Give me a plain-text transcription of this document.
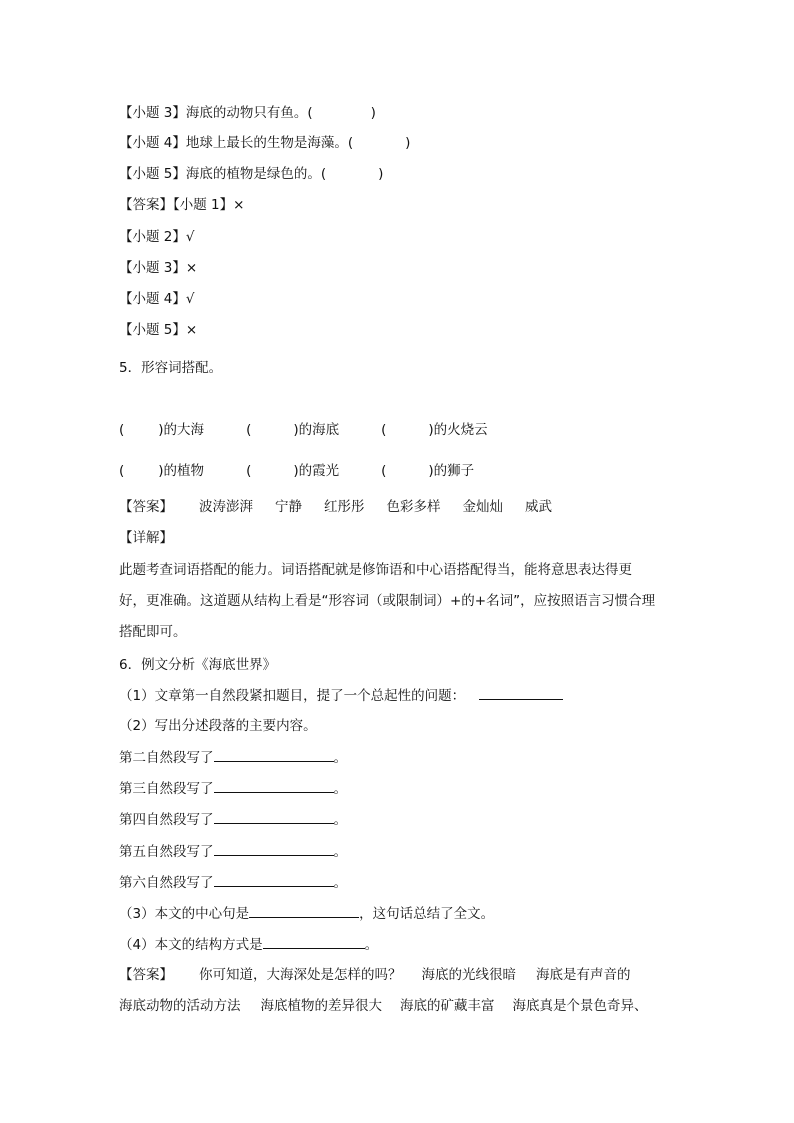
【小题 3】海底的动物只有鱼。(	)
【小题 4】地球上最长的生物是海藻。(	)
【小题 5】海底的植物是绿色的。(	)
【答案】【小题 1】×
【小题 2】√
【小题 3】×
【小题 4】√
【小题 5】×
5．形容词搭配。
(	)的大海	(	)的海底	(	)的火烧云
(	)的植物	(	)的霞光	(	)的狮子
【答案】 波涛澎湃 宁静 红彤彤 色彩多样 金灿灿 威武
【详解】
此题考查词语搭配的能力。词语搭配就是修饰语和中心语搭配得当，能将意思表达得更
好，更准确。这道题从结构上看是“形容词（或限制词）+的+名词”，应按照语言习惯合理
搭配即可。
6．例文分析《海底世界》
（1）文章第一自然段紧扣题目，提了一个总起性的问题：
（2）写出分述段落的主要内容。
第二自然段写了	。
第三自然段写了	。
第四自然段写了	。
第五自然段写了	。
第六自然段写了	。
（3）本文的中心句是	，这句话总结了全文。
（4）本文的结构方式是	。
【答案】 你可知道，大海深处是怎样的吗？ 海底的光线很暗 海底是有声音的
海底动物的活动方法 海底植物的差异很大 海底的矿藏丰富 海底真是个景色奇异、
